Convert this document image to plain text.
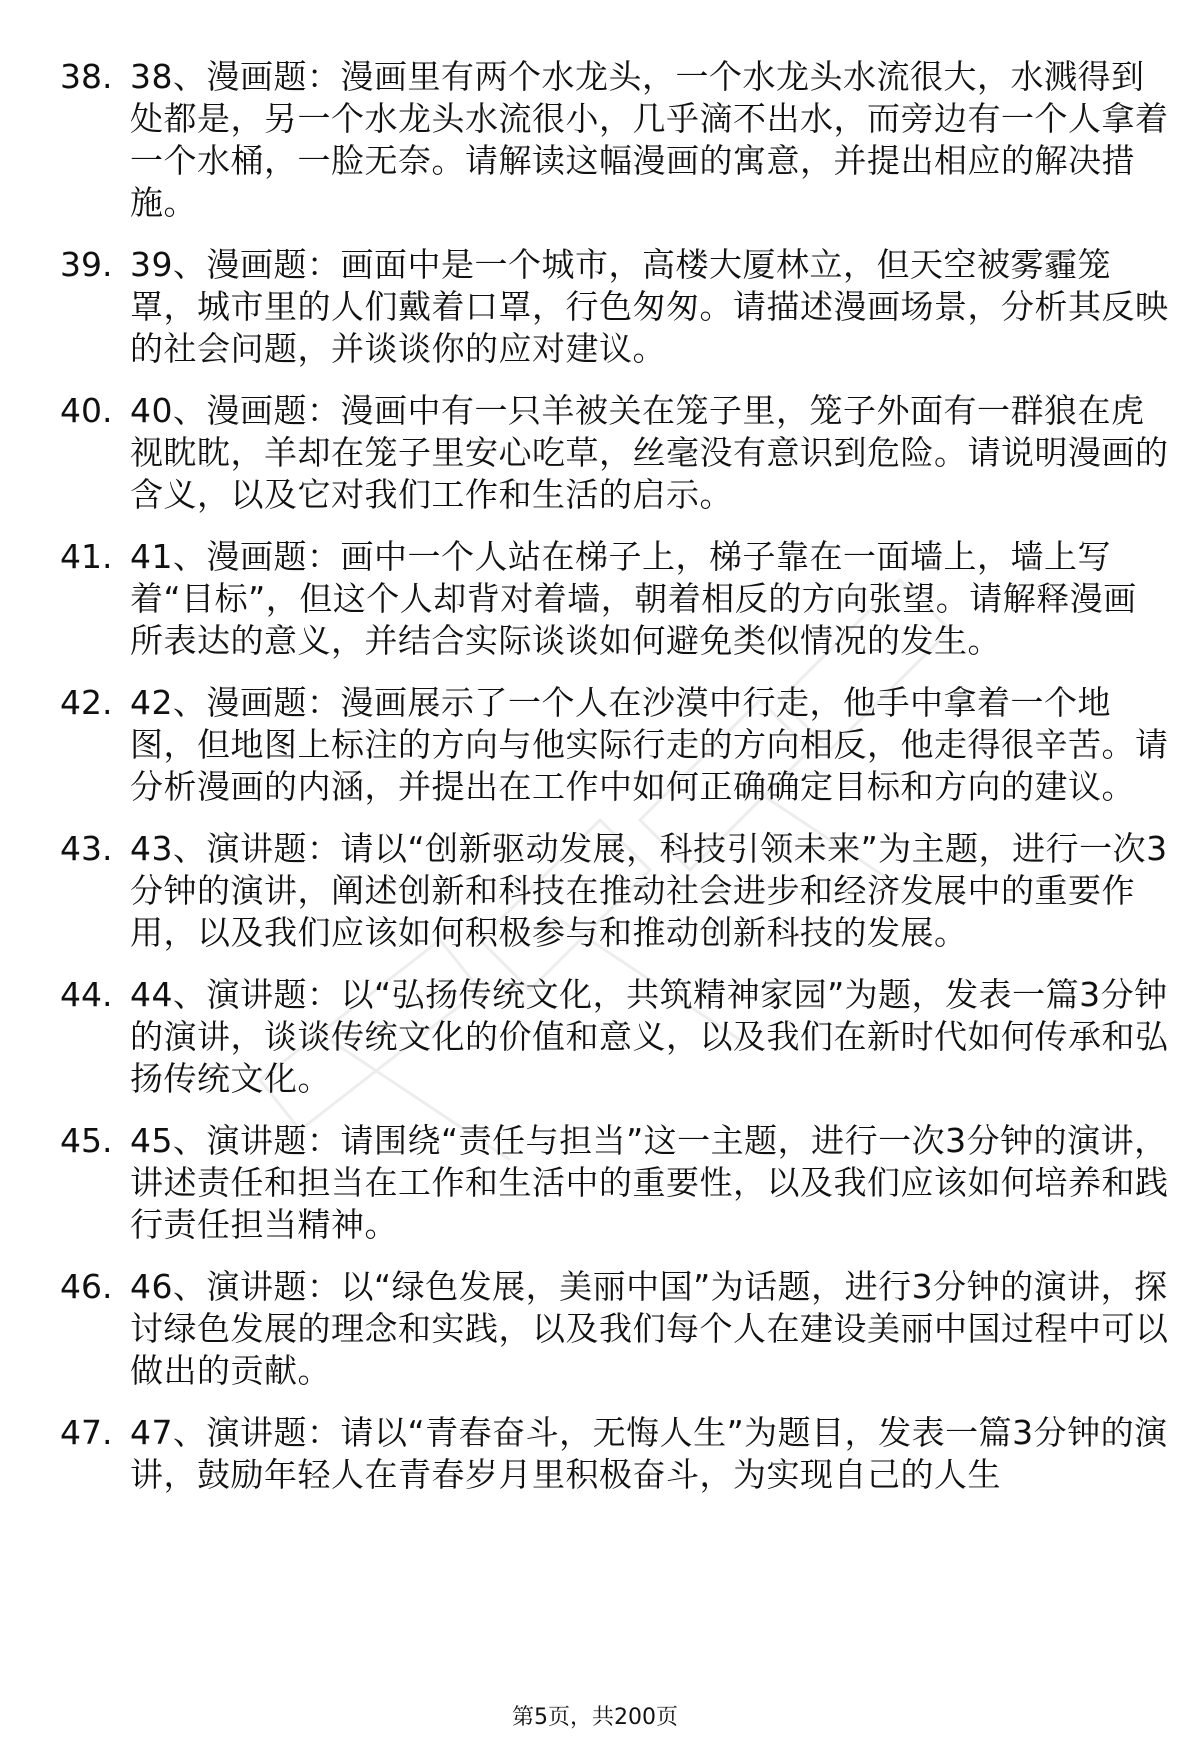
38. 38、漫画题：漫画里有两个水龙头，一个水龙头水流很大，水溅得到处都是，另一个水龙头水流很小，几乎滴不出水，而旁边有一个人拿着一个水桶，一脸无奈。请解读这幅漫画的寓意，并提出相应的解决措施。
39. 39、漫画题：画面中是一个城市，高楼大厦林立，但天空被雾霾笼罩，城市里的人们戴着口罩，行色匆匆。请描述漫画场景，分析其反映的社会问题，并谈谈你的应对建议。
40. 40、漫画题：漫画中有一只羊被关在笼子里，笼子外面有一群狼在虎视眈眈，羊却在笼子里安心吃草，丝毫没有意识到危险。请说明漫画的含义，以及它对我们工作和生活的启示。
41. 41、漫画题：画中一个人站在梯子上，梯子靠在一面墙上，墙上写着“目标”，但这个人却背对着墙，朝着相反的方向张望。请解释漫画所表达的意义，并结合实际谈谈如何避免类似情况的发生。
42. 42、漫画题：漫画展示了一个人在沙漠中行走，他手中拿着一个地图，但地图上标注的方向与他实际行走的方向相反，他走得很辛苦。请分析漫画的内涵，并提出在工作中如何正确确定目标和方向的建议。
43. 43、演讲题：请以“创新驱动发展，科技引领未来”为主题，进行一次3分钟的演讲，阐述创新和科技在推动社会进步和经济发展中的重要作用，以及我们应该如何积极参与和推动创新科技的发展。
44. 44、演讲题：以“弘扬传统文化，共筑精神家园”为题，发表一篇3分钟的演讲，谈谈传统文化的价值和意义，以及我们在新时代如何传承和弘扬传统文化。
45. 45、演讲题：请围绕“责任与担当”这一主题，进行一次3分钟的演讲，讲述责任和担当在工作和生活中的重要性，以及我们应该如何培养和践行责任担当精神。
46. 46、演讲题：以“绿色发展，美丽中国”为话题，进行3分钟的演讲，探讨绿色发展的理念和实践，以及我们每个人在建设美丽中国过程中可以做出的贡献。
47. 47、演讲题：请以“青春奋斗，无悔人生”为题目，发表一篇3分钟的演讲，鼓励年轻人在青春岁月里积极奋斗，为实现自己的人生
第5页，共200页
